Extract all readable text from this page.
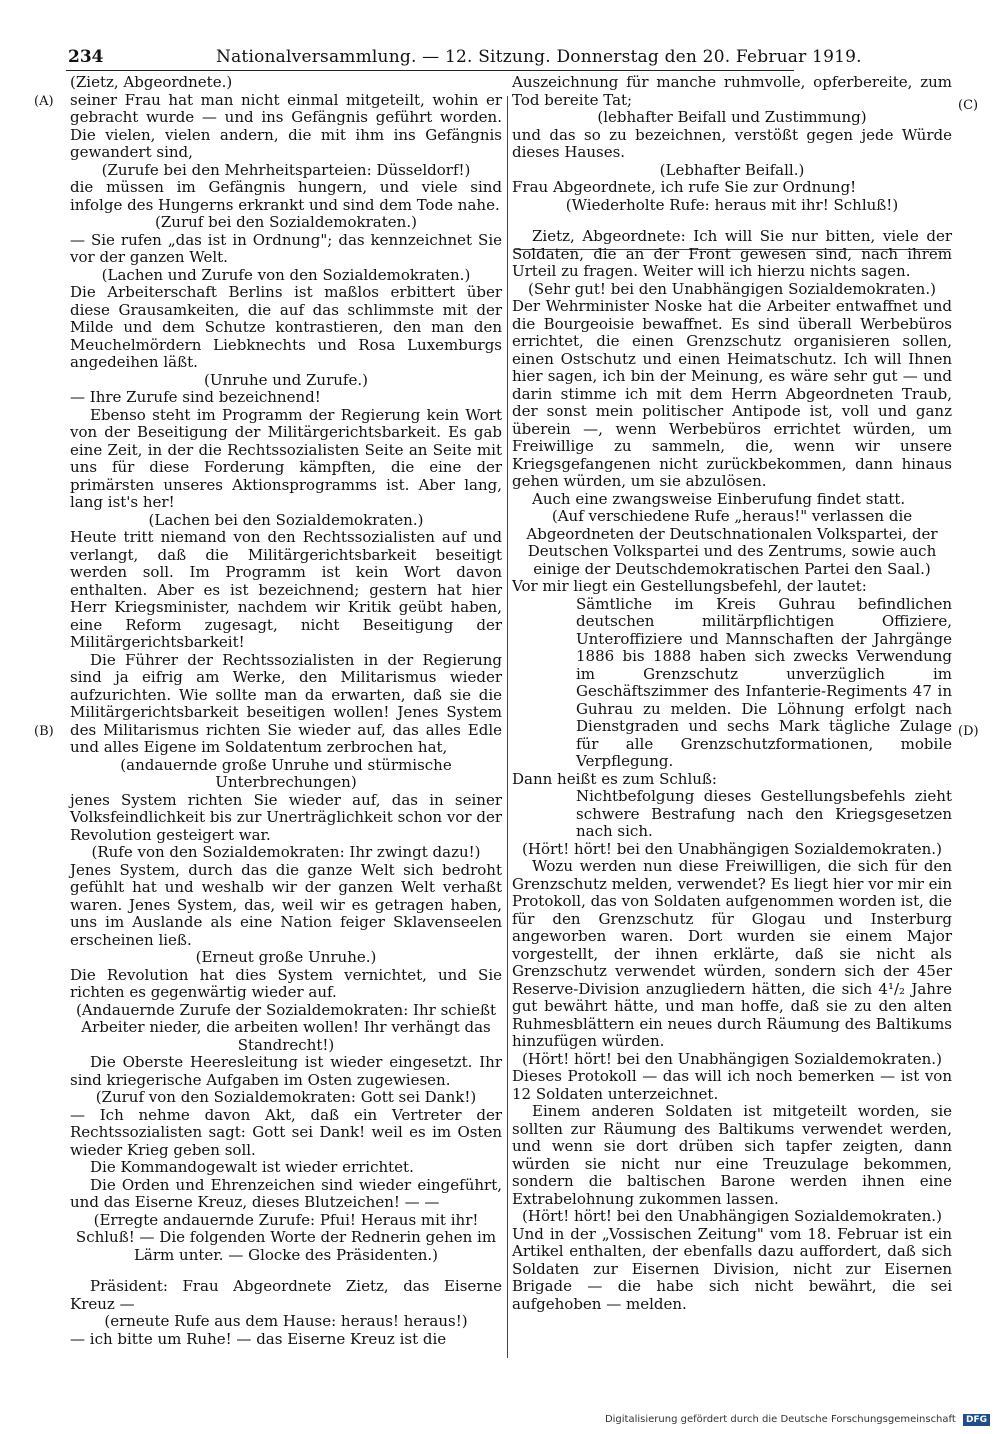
234	Nationalversammlung. — 12. Sitzung. Donnerstag den 20. Februar 1919.
(A)
(B)
(C)
(D)

(Zietz, Abgeordnete.)

seiner Frau hat man nicht einmal mitgeteilt, wohin er gebracht wurde — und ins Gefängnis geführt worden. Die vielen, vielen andern, die mit ihm ins Gefängnis gewandert sind,

(Zurufe bei den Mehrheitsparteien: Düsseldorf!)

die müssen im Gefängnis hungern, und viele sind infolge des Hungerns erkrankt und sind dem Tode nahe.

(Zuruf bei den Sozialdemokraten.)

— Sie rufen „das ist in Ordnung"; das kennzeichnet Sie vor der ganzen Welt.

(Lachen und Zurufe von den Sozialdemokraten.)

Die Arbeiterschaft Berlins ist maßlos erbittert über diese Grausamkeiten, die auf das schlimmste mit der Milde und dem Schutze kontrastieren, den man den Meuchelmördern Liebknechts und Rosa Luxemburgs angedeihen läßt.

(Unruhe und Zurufe.)

— Ihre Zurufe sind bezeichnend!

Ebenso steht im Programm der Regierung kein Wort von der Beseitigung der Militärgerichtsbarkeit. Es gab eine Zeit, in der die Rechtssozialisten Seite an Seite mit uns für diese Forderung kämpften, die eine der primärsten unseres Aktionsprogramms ist. Aber lang, lang ist's her!

(Lachen bei den Sozialdemokraten.)

Heute tritt niemand von den Rechtssozialisten auf und verlangt, daß die Militärgerichtsbarkeit beseitigt werden soll. Im Programm ist kein Wort davon enthalten. Aber es ist bezeichnend; gestern hat hier Herr Kriegsminister, nachdem wir Kritik geübt haben, eine Reform zugesagt, nicht Beseitigung der Militärgerichtsbarkeit!

Die Führer der Rechtssozialisten in der Regierung sind ja eifrig am Werke, den Militarismus wieder aufzurichten. Wie sollte man da erwarten, daß sie die Militärgerichtsbarkeit beseitigen wollen! Jenes System des Militarismus richten Sie wieder auf, das alles Edle und alles Eigene im Soldatentum zerbrochen hat,

(andauernde große Unruhe und stürmische Unterbrechungen)

jenes System richten Sie wieder auf, das in seiner Volksfeindlichkeit bis zur Unerträglichkeit schon vor der Revolution gesteigert war.

(Rufe von den Sozialdemokraten: Ihr zwingt dazu!)

Jenes System, durch das die ganze Welt sich bedroht gefühlt hat und weshalb wir der ganzen Welt verhaßt waren. Jenes System, das, weil wir es getragen haben, uns im Auslande als eine Nation feiger Sklavenseelen erscheinen ließ.

(Erneut große Unruhe.)

Die Revolution hat dies System vernichtet, und Sie richten es gegenwärtig wieder auf.

(Andauernde Zurufe der Sozialdemokraten: Ihr schießt Arbeiter nieder, die arbeiten wollen! Ihr verhängt das Standrecht!)

Die Oberste Heeresleitung ist wieder eingesetzt. Ihr sind kriegerische Aufgaben im Osten zugewiesen.

(Zuruf von den Sozialdemokraten: Gott sei Dank!)

— Ich nehme davon Akt, daß ein Vertreter der Rechtssozialisten sagt: Gott sei Dank! weil es im Osten wieder Krieg geben soll.

Die Kommandogewalt ist wieder errichtet.

Die Orden und Ehrenzeichen sind wieder eingeführt, und das Eiserne Kreuz, dieses Blutzeichen! — —

(Erregte andauernde Zurufe: Pfui! Heraus mit ihr! Schluß! — Die folgenden Worte der Rednerin gehen im Lärm unter. — Glocke des Präsidenten.)

Präsident: Frau Abgeordnete Zietz, das Eiserne Kreuz —

(erneute Rufe aus dem Hause: heraus! heraus!)

— ich bitte um Ruhe! — das Eiserne Kreuz ist die

Auszeichnung für manche ruhmvolle, opferbereite, zum Tod bereite Tat;

(lebhafter Beifall und Zustimmung)

und das so zu bezeichnen, verstößt gegen jede Würde dieses Hauses.

(Lebhafter Beifall.)

Frau Abgeordnete, ich rufe Sie zur Ordnung!

(Wiederholte Rufe: heraus mit ihr! Schluß!)

Zietz, Abgeordnete: Ich will Sie nur bitten, viele der Soldaten, die an der Front gewesen sind, nach ihrem Urteil zu fragen. Weiter will ich hierzu nichts sagen.

(Sehr gut! bei den Unabhängigen Sozialdemokraten.)

Der Wehrminister Noske hat die Arbeiter entwaffnet und die Bourgeoisie bewaffnet. Es sind überall Werbebüros errichtet, die einen Grenzschutz organisieren sollen, einen Ostschutz und einen Heimatschutz. Ich will Ihnen hier sagen, ich bin der Meinung, es wäre sehr gut — und darin stimme ich mit dem Herrn Abgeordneten Traub, der sonst mein politischer Antipode ist, voll und ganz überein —, wenn Werbebüros errichtet würden, um Freiwillige zu sammeln, die, wenn wir unsere Kriegsgefangenen nicht zurückbekommen, dann hinaus gehen würden, um sie abzulösen.

Auch eine zwangsweise Einberufung findet statt.

(Auf verschiedene Rufe „heraus!" verlassen die Abgeordneten der Deutschnationalen Volkspartei, der Deutschen Volkspartei und des Zentrums, sowie auch einige der Deutschdemokratischen Partei den Saal.)

Vor mir liegt ein Gestellungsbefehl, der lautet:

Sämtliche im Kreis Guhrau befindlichen deutschen militärpflichtigen Offiziere, Unteroffiziere und Mannschaften der Jahrgänge 1886 bis 1888 haben sich zwecks Verwendung im Grenzschutz unverzüglich im Geschäftszimmer des Infanterie-Regiments 47 in Guhrau zu melden. Die Löhnung erfolgt nach Dienstgraden und sechs Mark tägliche Zulage für alle Grenzschutzformationen, mobile Verpflegung.

Dann heißt es zum Schluß:

Nichtbefolgung dieses Gestellungsbefehls zieht schwere Bestrafung nach den Kriegsgesetzen nach sich.

(Hört! hört! bei den Unabhängigen Sozialdemokraten.)

Wozu werden nun diese Freiwilligen, die sich für den Grenzschutz melden, verwendet? Es liegt hier vor mir ein Protokoll, das von Soldaten aufgenommen worden ist, die für den Grenzschutz für Glogau und Insterburg angeworben waren. Dort wurden sie einem Major vorgestellt, der ihnen erklärte, daß sie nicht als Grenzschutz verwendet würden, sondern sich der 45er Reserve-Division anzugliedern hätten, die sich 4¹/₂ Jahre gut bewährt hätte, und man hoffe, daß sie zu den alten Ruhmesblättern ein neues durch Räumung des Baltikums hinzufügen würden.

(Hört! hört! bei den Unabhängigen Sozialdemokraten.)

Dieses Protokoll — das will ich noch bemerken — ist von 12 Soldaten unterzeichnet.

Einem anderen Soldaten ist mitgeteilt worden, sie sollten zur Räumung des Baltikums verwendet werden, und wenn sie dort drüben sich tapfer zeigten, dann würden sie nicht nur eine Treuzulage bekommen, sondern die baltischen Barone werden ihnen eine Extrabelohnung zukommen lassen.

(Hört! hört! bei den Unabhängigen Sozialdemokraten.)

Und in der „Vossischen Zeitung" vom 18. Februar ist ein Artikel enthalten, der ebenfalls dazu auffordert, daß sich Soldaten zur Eisernen Division, nicht zur Eisernen Brigade — die habe sich nicht bewährt, die sei aufgehoben — melden.

Digitalisierung gefördert durch die Deutsche Forschungsgemeinschaft DFG
